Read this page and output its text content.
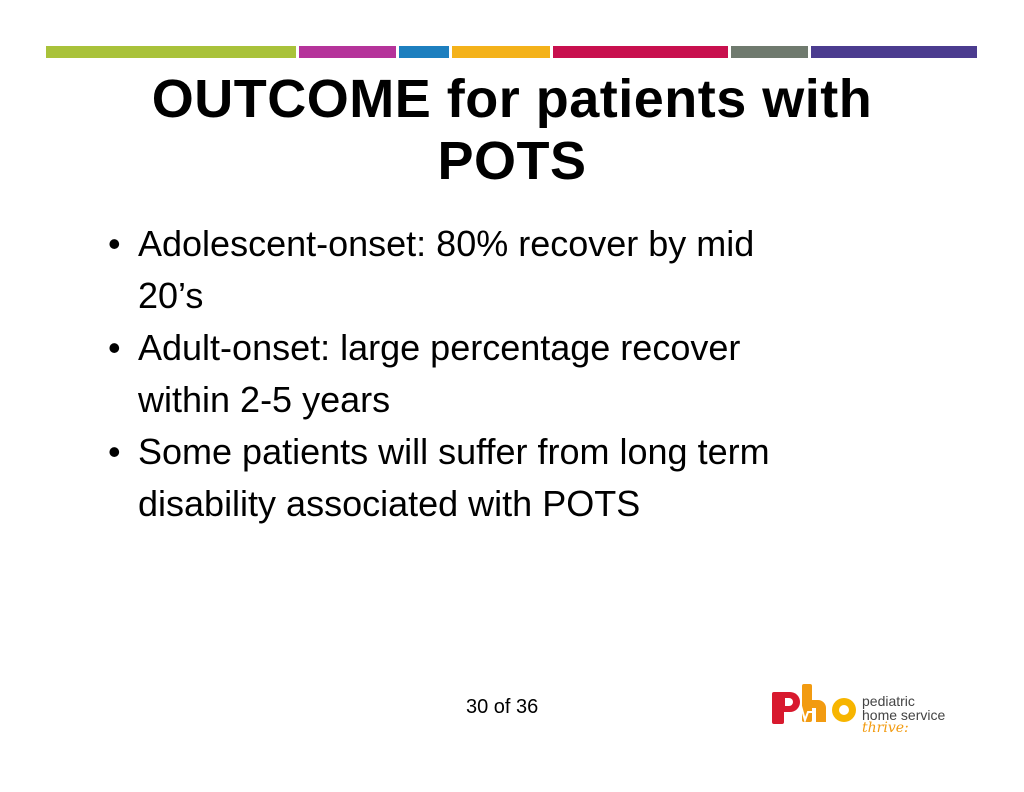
OUTCOME for patients with
POTS
• Adolescent-onset: 80% recover by mid
20’s
• Adult-onset: large percentage recover
within 2-5 years
• Some patients will suffer from long term
disability associated with POTS
30 of 36	pediatric
home service
thrive:
